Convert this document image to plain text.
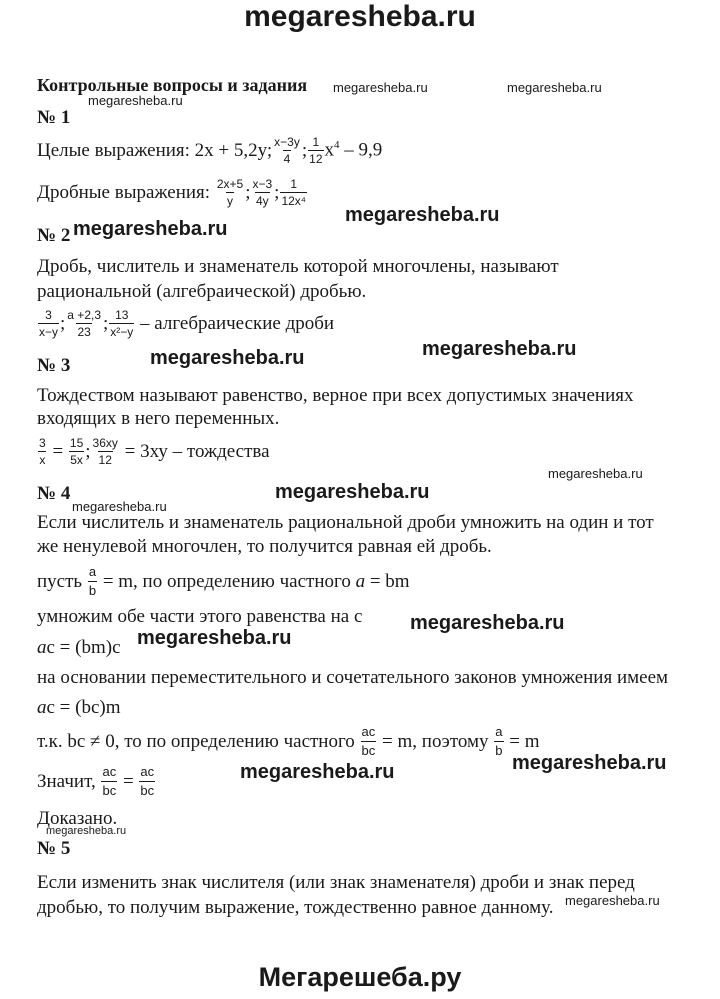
megaresheba.ru
Мегарешеба.ру
megaresheba.ru	megaresheba.ru
megaresheba.ru
megaresheba.ru
megaresheba.ru
megaresheba.ru	megaresheba.ru
megaresheba.ru
megaresheba.ru
megaresheba.ru
megaresheba.ru
megaresheba.ru
megaresheba.ru	megaresheba.ru
megaresheba.ru
megaresheba.ru
Контрольные вопросы и задания
№ 1
Целые выражения: 2х + 5,2у; $\frac{х-3у}{4}$ ; $\frac{1}{12} х^4 - 9,9$
Дробные выражения:
$\frac{2х+5}{у}$ ; $\frac{х-3}{4у}$ ; $\frac{1}{\text{12х⁴}}$
№ 2
Дробь, числитель и знаменатель которой многочлены, называют
рациональной (алгебраической) дробью.
$\frac{3}{х-у}$ ; $\frac{а +2,3}{23}$ ; $\frac{13}{\text{х²−у}}$
– алгебраические дроби
№ 3
Тождеством называют равенство, верное при всех допустимых значениях
входящих в него переменных.
$\frac{3}{х}$
=
$\frac{15}{5х}$ ; $\frac{36ху}{12}$
= 3ху – тождества
№ 4
Если числитель и знаменатель рациональной дроби умножить на один и тот
же ненулевой многочлен, то получится равная ей дробь.
пусть
$\frac{a}{b}$
= m, по определению частного
a
= bm
умножим обе части этого равенства на с
ac = (bm)c
на основании переместительного и сочетательного законов умножения имеем
ac = (bc)m
т.к. bc ≠ 0, то по определению частного
$\frac{ac}{bc}$
= m, поэтому
$\frac{a}{b}$
= m
Значит,
$\frac{ac}{bc}$
=
$\frac{ac}{bc}$
Доказано.
№ 5
Если изменить знак числителя (или знак знаменателя) дроби и знак перед
дробью, то получим выражение, тождественно равное данному.
